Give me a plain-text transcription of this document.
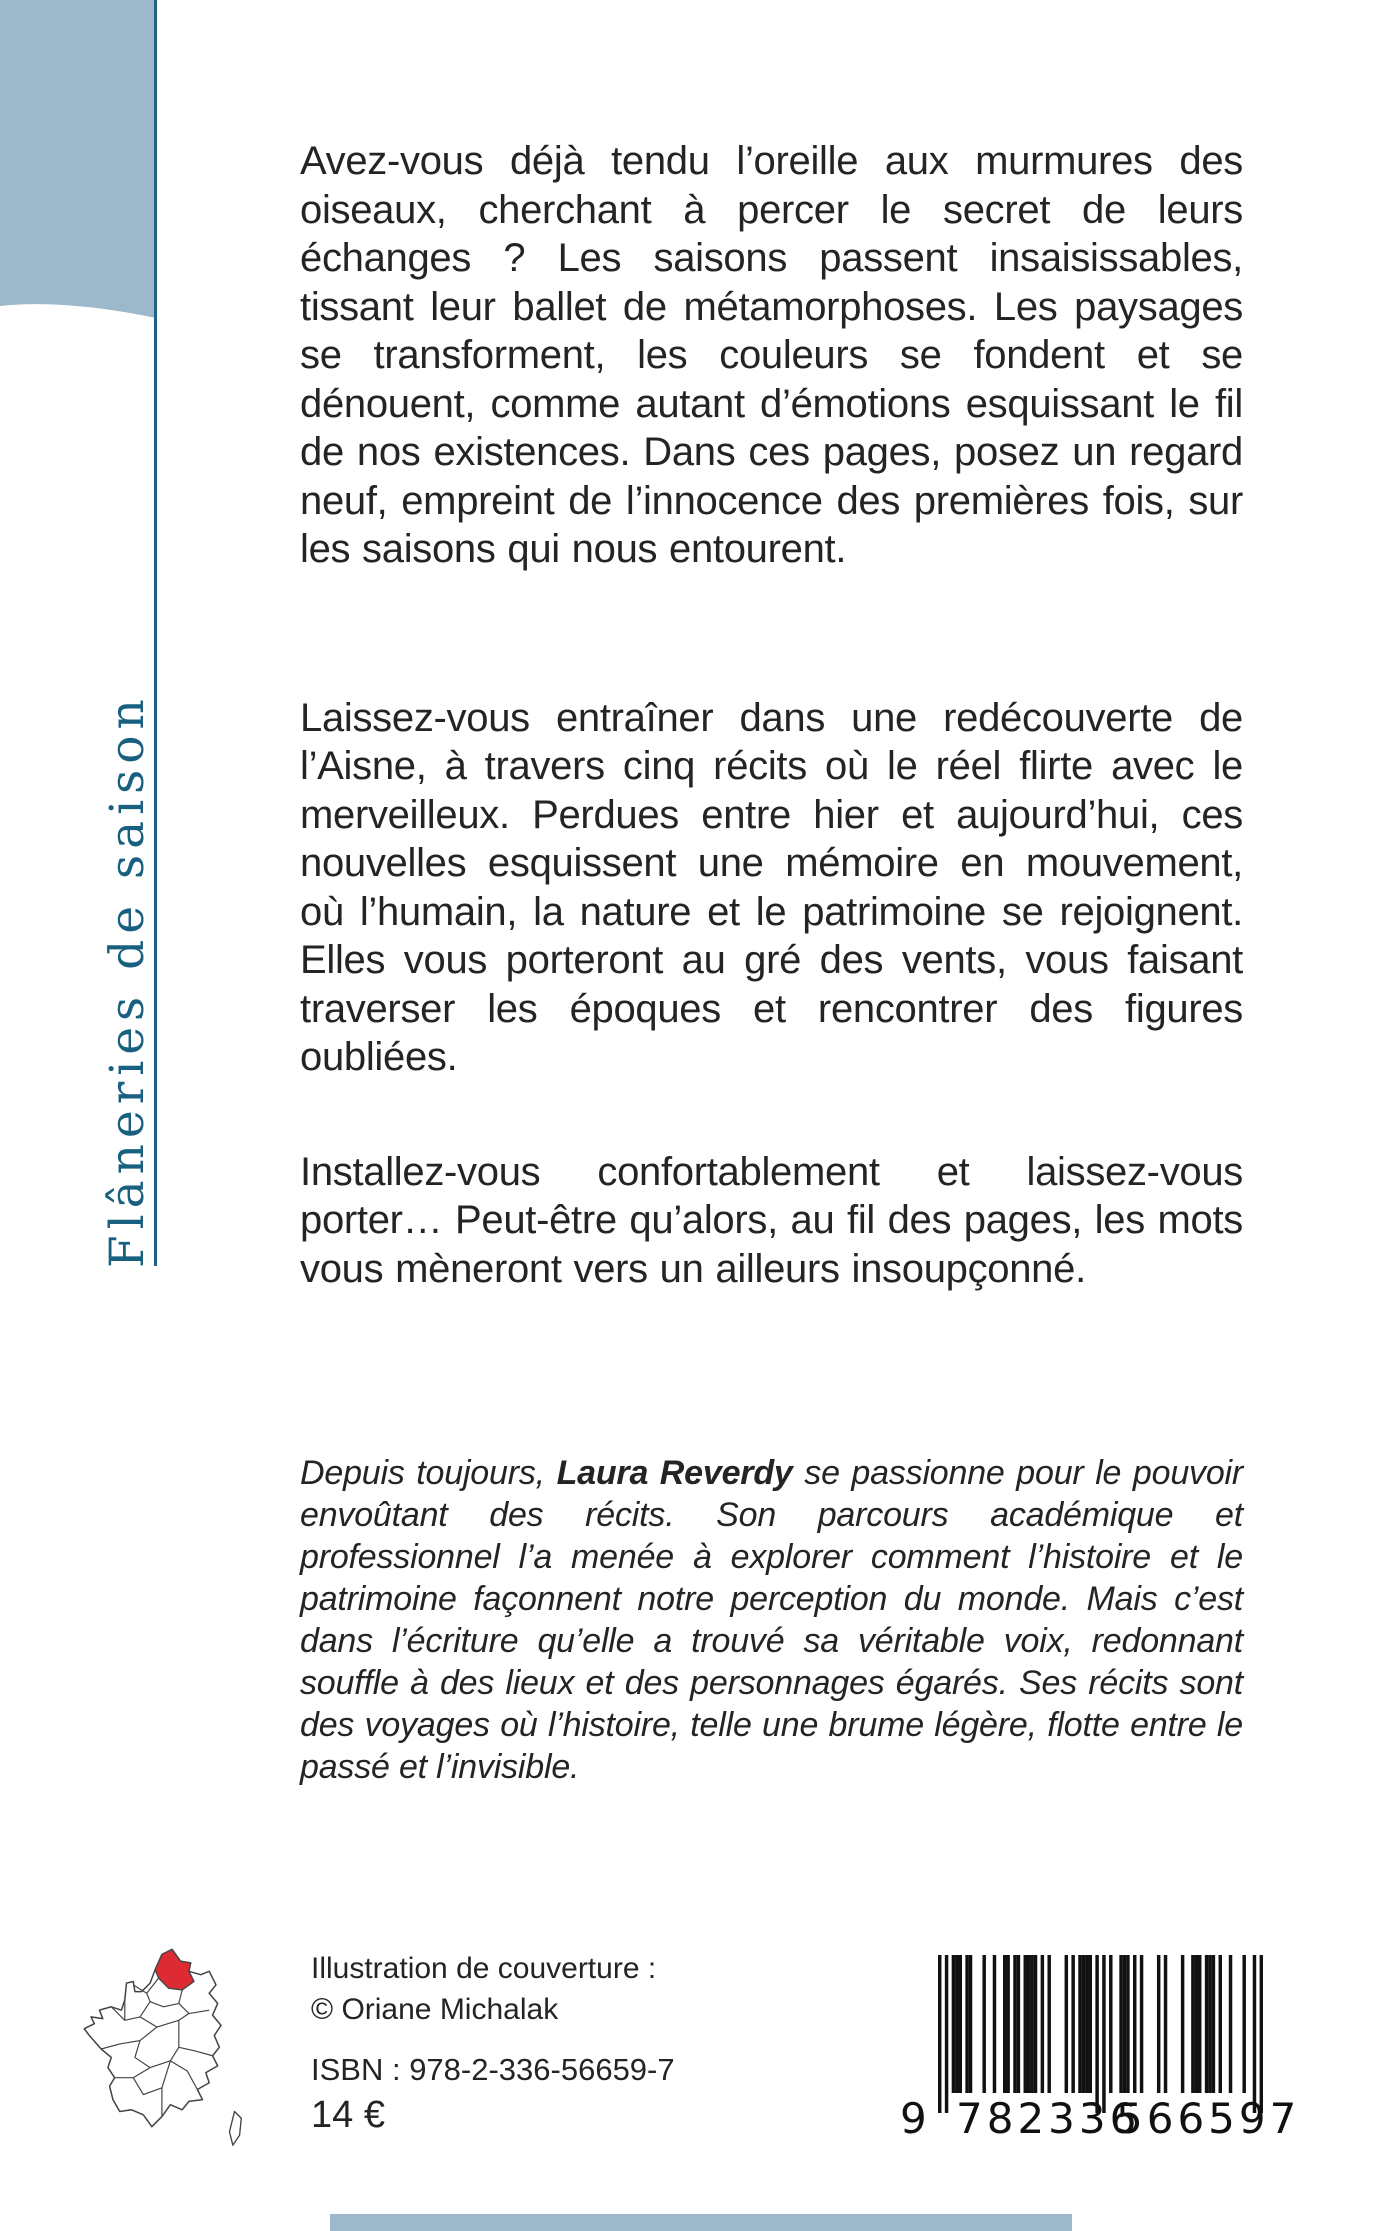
Flâneries de saison

Avez-vous déjà tendu l’oreille aux murmures des oiseaux, cherchant à percer le secret de leurs échanges ? Les saisons passent insaisissables, tissant leur ballet de métamorphoses. Les paysages se transforment, les couleurs se fondent et se dénouent, comme autant d’émotions esquissant le fil de nos existences. Dans ces pages, posez un regard neuf, empreint de l’innocence des premières fois, sur les saisons qui nous entourent.

Laissez-vous entraîner dans une redécouverte de l’Aisne, à travers cinq récits où le réel flirte avec le merveilleux. Perdues entre hier et aujourd’hui, ces nouvelles esquissent une mémoire en mouvement, où l’humain, la nature et le patrimoine se rejoignent. Elles vous porteront au gré des vents, vous faisant traverser les époques et rencontrer des figures oubliées.

Installez-vous confortablement et laissez-vous porter… Peut-être qu’alors, au fil des pages, les mots vous mèneront vers un ailleurs insoupçonné.

Depuis toujours, Laura Reverdy se passionne pour le pouvoir envoûtant des récits. Son parcours académique et professionnel l’a menée à explorer comment l’histoire et le patrimoine façonnent notre perception du monde. Mais c’est dans l’écriture qu’elle a trouvé sa véritable voix, redonnant souffle à des lieux et des personnages égarés. Ses récits sont des voyages où l’histoire, telle une brume légère, flotte entre le passé et l’invisible.
Illustration de couverture :
© Oriane Michalak
ISBN : 978-2-336-56659-7
14 €	9 782336
566597
